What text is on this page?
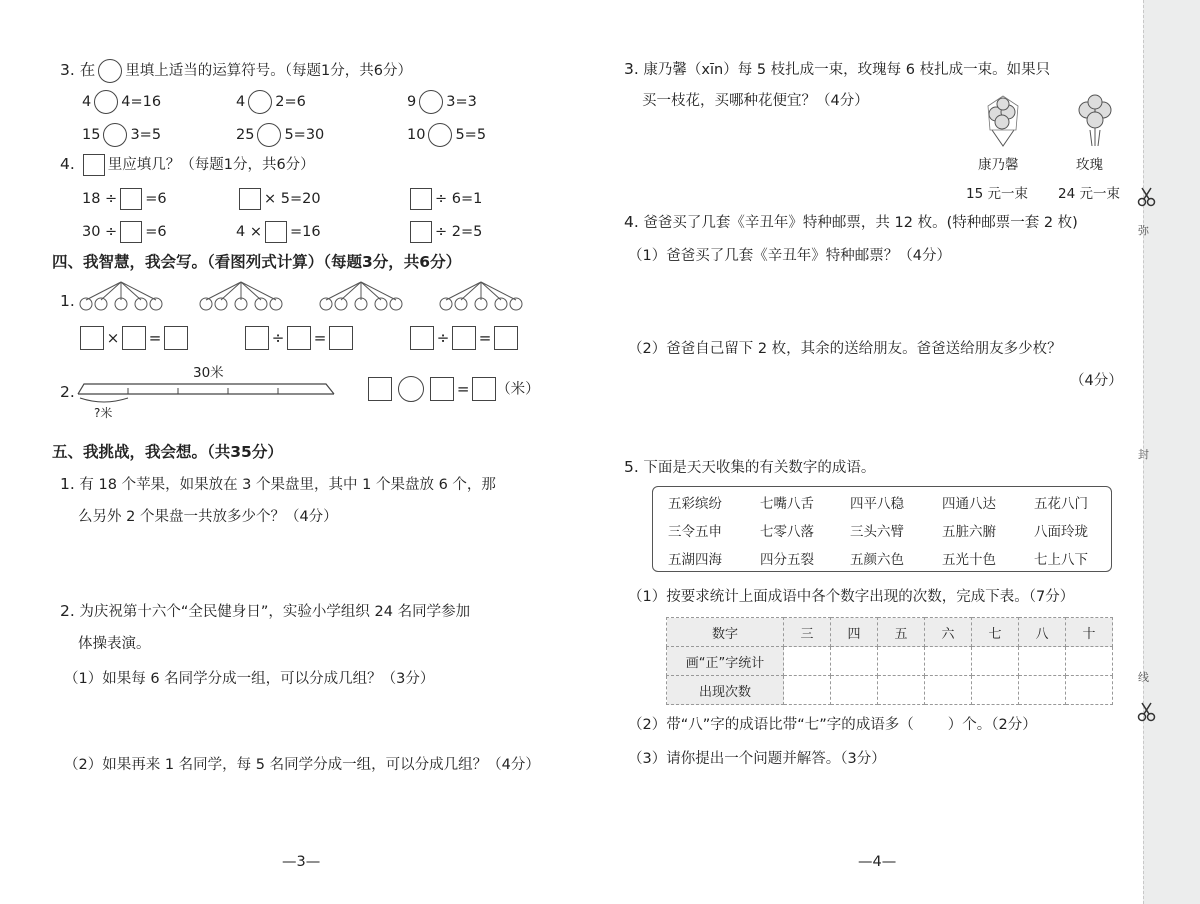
3. 在 里填上适当的运算符号。（每题1分，共6分）
4 4=16	4 2=6	9 3=3
15 3=5	25 5=30	10 5=5
4. 里应填几？（每题1分，共6分）
18 ÷ =6	× 5=20	÷ 6=1
30 ÷ =6	4 × =16	÷ 2=5
四、我智慧，我会写。（看图列式计算）（每题3分，共6分）
1.
× =	÷ =	÷ =
2.
30米
?米
= （米）
五、我挑战，我会想。（共35分）
1. 有 18 个苹果，如果放在 3 个果盘里，其中 1 个果盘放 6 个，那
么另外 2 个果盘一共放多少个？（4分）
2. 为庆祝第十六个“全民健身日”，实验小学组织 24 名同学参加
体操表演。
（1）如果每 6 名同学分成一组，可以分成几组？（3分）
（2）如果再来 1 名同学，每 5 名同学分成一组，可以分成几组？（4分）
—3—
3. 康乃馨（xīn）每 5 枝扎成一束，玫瑰每 6 枝扎成一束。如果只
买一枝花，买哪种花便宜？（4分）
康乃馨	玫瑰
15 元一束 24 元一束
4. 爸爸买了几套《辛丑年》特种邮票，共 12 枚。(特种邮票一套 2 枚)
（1）爸爸买了几套《辛丑年》特种邮票？（4分）
（2）爸爸自己留下 2 枚，其余的送给朋友。爸爸送给朋友多少枚？
（4分）
5. 下面是天天收集的有关数字的成语。
五彩缤纷	七嘴八舌	四平八稳	四通八达	五花八门
三令五申	七零八落	三头六臂	五脏六腑	八面玲珑
五湖四海	四分五裂	五颜六色	五光十色	七上八下
（1）按要求统计上面成语中各个数字出现的次数，完成下表。（7分）
数字	三	四	五	六	七	八	十
画“正”字统计							
出现次数							
（2）带“八”字的成语比带“七”字的成语多（ ）个。（2分）
（3）请你提出一个问题并解答。（3分）
—4—
弥
封
线
